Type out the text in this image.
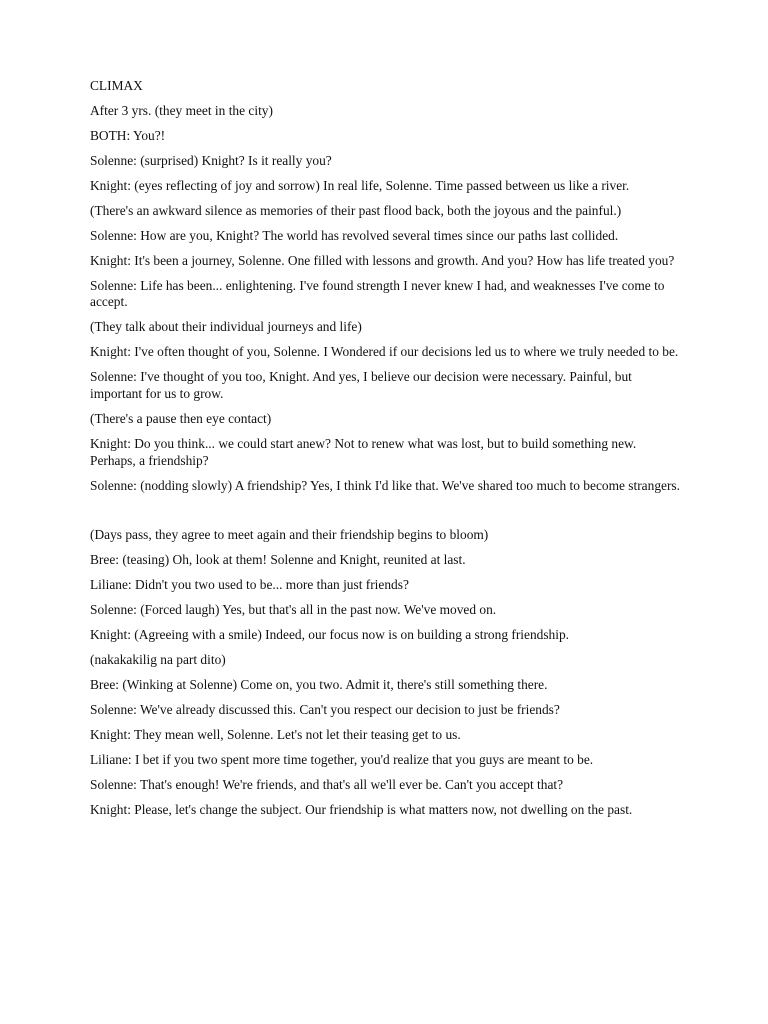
CLIMAX

After 3 yrs. (they meet in the city)

BOTH: You?!

Solenne: (surprised) Knight? Is it really you?

Knight: (eyes reflecting of joy and sorrow) In real life, Solenne. Time passed between us like a river.

(There's an awkward silence as memories of their past flood back, both the joyous and the painful.)

Solenne: How are you, Knight? The world has revolved several times since our paths last collided.

Knight: It's been a journey, Solenne. One filled with lessons and growth. And you? How has life treated you?

Solenne: Life has been... enlightening. I've found strength I never knew I had, and weaknesses I've come to accept.

(They talk about their individual journeys and life)

Knight: I've often thought of you, Solenne. I Wondered if our decisions led us to where we truly needed to be.

Solenne: I've thought of you too, Knight. And yes, I believe our decision were necessary. Painful, but important for us to grow.

(There's a pause then eye contact)

Knight: Do you think... we could start anew? Not to renew what was lost, but to build something new. Perhaps, a friendship?

Solenne: (nodding slowly) A friendship? Yes, I think I'd like that. We've shared too much to become strangers.

(Days pass, they agree to meet again and their friendship begins to bloom)

Bree: (teasing) Oh, look at them! Solenne and Knight, reunited at last.

Liliane: Didn't you two used to be... more than just friends?

Solenne: (Forced laugh) Yes, but that's all in the past now. We've moved on.

Knight: (Agreeing with a smile) Indeed, our focus now is on building a strong friendship.

(nakakakilig na part dito)

Bree: (Winking at Solenne) Come on, you two. Admit it, there's still something there.

Solenne: We've already discussed this. Can't you respect our decision to just be friends?

Knight: They mean well, Solenne. Let's not let their teasing get to us.

Liliane: I bet if you two spent more time together, you'd realize that you guys are meant to be.

Solenne: That's enough! We're friends, and that's all we'll ever be. Can't you accept that?

Knight: Please, let's change the subject. Our friendship is what matters now, not dwelling on the past.
